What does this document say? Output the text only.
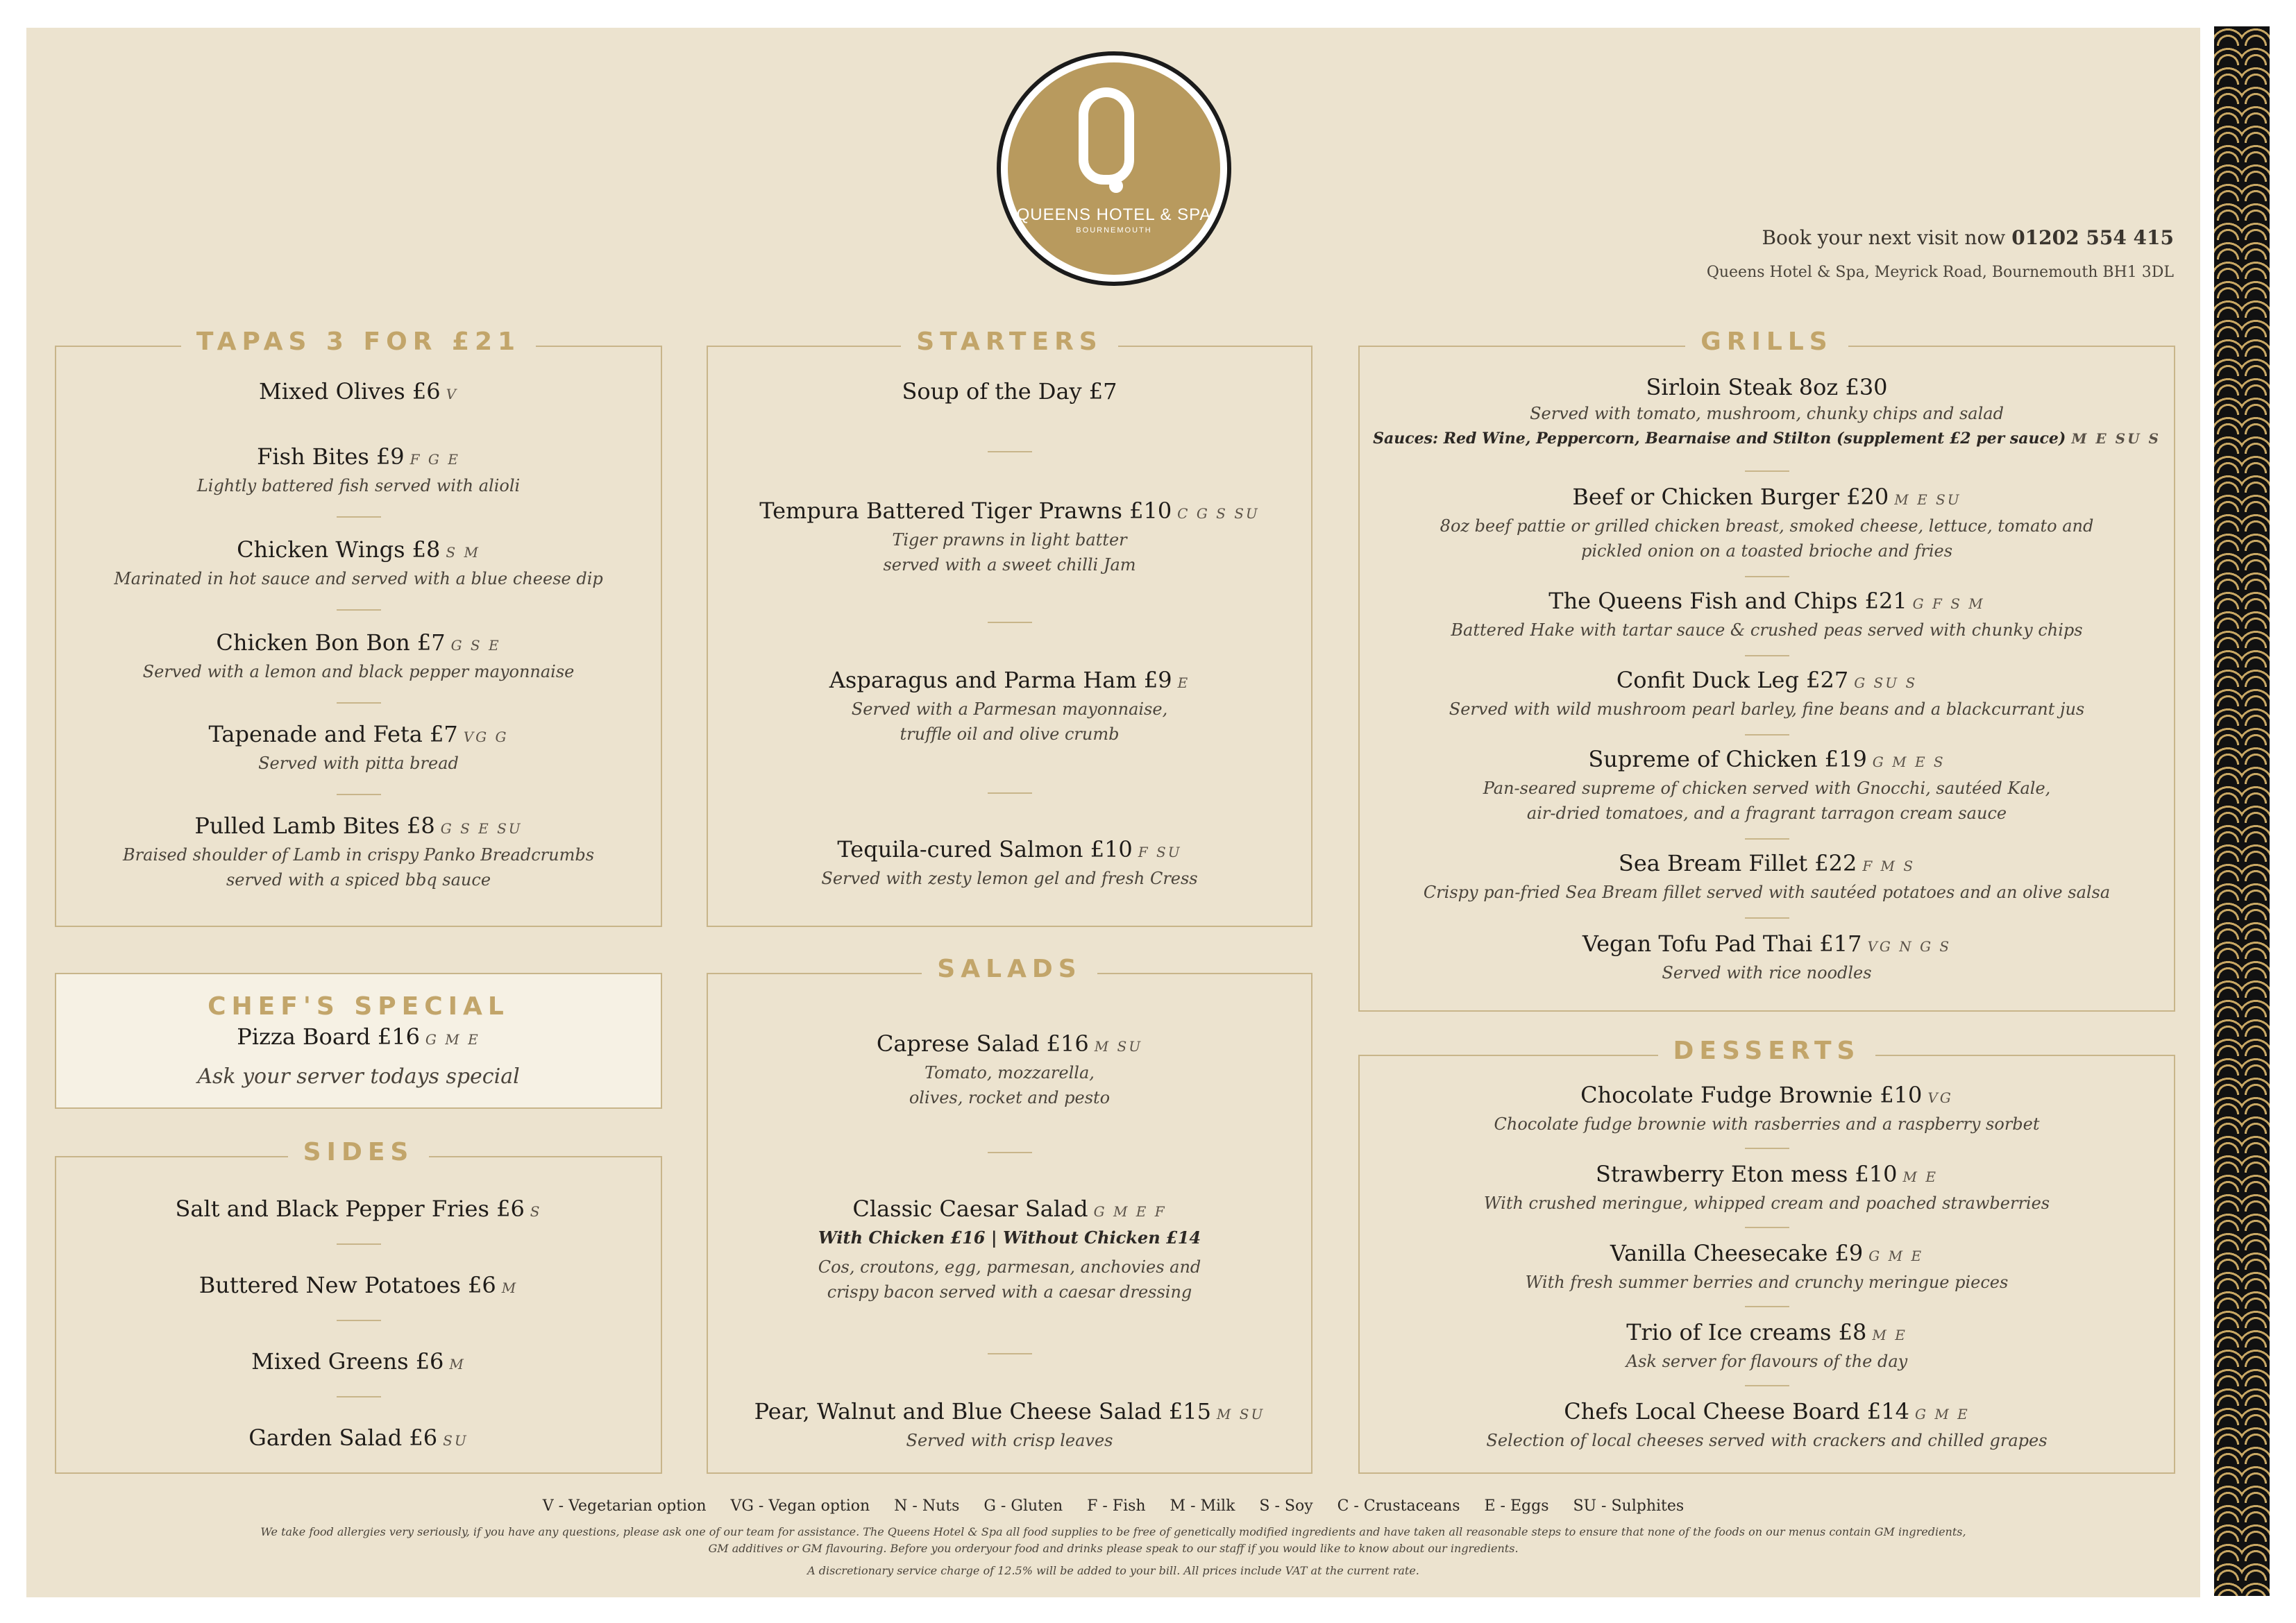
QUEENS HOTEL & SPA
BOURNEMOUTH	Book your next visit now 01202 554 415
Queens Hotel & Spa, Meyrick Road, Bournemouth BH1 3DL
TAPAS 3 FOR £21
Mixed Olives £6 V
Fish Bites £9 F G E
Lightly battered fish served with alioli
Chicken Wings £8 S M
Marinated in hot sauce and served with a blue cheese dip
Chicken Bon Bon £7 G S E
Served with a lemon and black pepper mayonnaise
Tapenade and Feta £7 VG G
Served with pitta bread
Pulled Lamb Bites £8 G S E SU
Braised shoulder of Lamb in crispy Panko Breadcrumbs
served with a spiced bbq sauce
STARTERS
Soup of the Day £7
Tempura Battered Tiger Prawns £10 C G S SU
Tiger prawns in light batter
served with a sweet chilli Jam
Asparagus and Parma Ham £9 E
Served with a Parmesan mayonnaise,
truffle oil and olive crumb
Tequila-cured Salmon £10 F SU
Served with zesty lemon gel and fresh Cress
GRILLS
Sirloin Steak 8oz £30
Served with tomato, mushroom, chunky chips and salad
Sauces: Red Wine, Peppercorn, Bearnaise and Stilton (supplement £2 per sauce) M E SU S
Beef or Chicken Burger £20 M E SU
8oz beef pattie or grilled chicken breast, smoked cheese, lettuce, tomato and
pickled onion on a toasted brioche and fries
The Queens Fish and Chips £21 G F S M
Battered Hake with tartar sauce & crushed peas served with chunky chips
Confit Duck Leg £27 G SU S
Served with wild mushroom pearl barley, fine beans and a blackcurrant jus
Supreme of Chicken £19 G M E S
Pan-seared supreme of chicken served with Gnocchi, sautéed Kale,
air-dried tomatoes, and a fragrant tarragon cream sauce
Sea Bream Fillet £22 F M S
Crispy pan-fried Sea Bream fillet served with sautéed potatoes and an olive salsa
Vegan Tofu Pad Thai £17 VG N G S
Served with rice noodles
CHEF'S SPECIAL
Pizza Board £16 G M E
Ask your server todays special
SIDES
Salt and Black Pepper Fries £6 S
Buttered New Potatoes £6 M
Mixed Greens £6 M
Garden Salad £6 SU
SALADS
Caprese Salad £16 M SU
Tomato, mozzarella,
olives, rocket and pesto
Classic Caesar Salad G M E F
With Chicken £16 | Without Chicken £14
Cos, croutons, egg, parmesan, anchovies and
crispy bacon served with a caesar dressing
Pear, Walnut and Blue Cheese Salad £15 M SU
Served with crisp leaves
DESSERTS
Chocolate Fudge Brownie £10 VG
Chocolate fudge brownie with rasberries and a raspberry sorbet
Strawberry Eton mess £10 M E
With crushed meringue, whipped cream and poached strawberries
Vanilla Cheesecake £9 G M E
With fresh summer berries and crunchy meringue pieces
Trio of Ice creams £8 M E
Ask server for flavours of the day
Chefs Local Cheese Board £14 G M E
Selection of local cheeses served with crackers and chilled grapes
V - Vegetarian option     VG - Vegan option     N - Nuts     G - Gluten     F - Fish     M - Milk     S - Soy     C - Crustaceans     E - Eggs     SU - Sulphites
We take food allergies very seriously, if you have any questions, please ask one of our team for assistance. The Queens Hotel & Spa all food supplies to be free of genetically modified ingredients and have taken all reasonable steps to ensure that none of the foods on our menus contain GM ingredients,
GM additives or GM flavouring. Before you orderyour food and drinks please speak to our staff if you would like to know about our ingredients.
A discretionary service charge of 12.5% will be added to your bill. All prices include VAT at the current rate.
